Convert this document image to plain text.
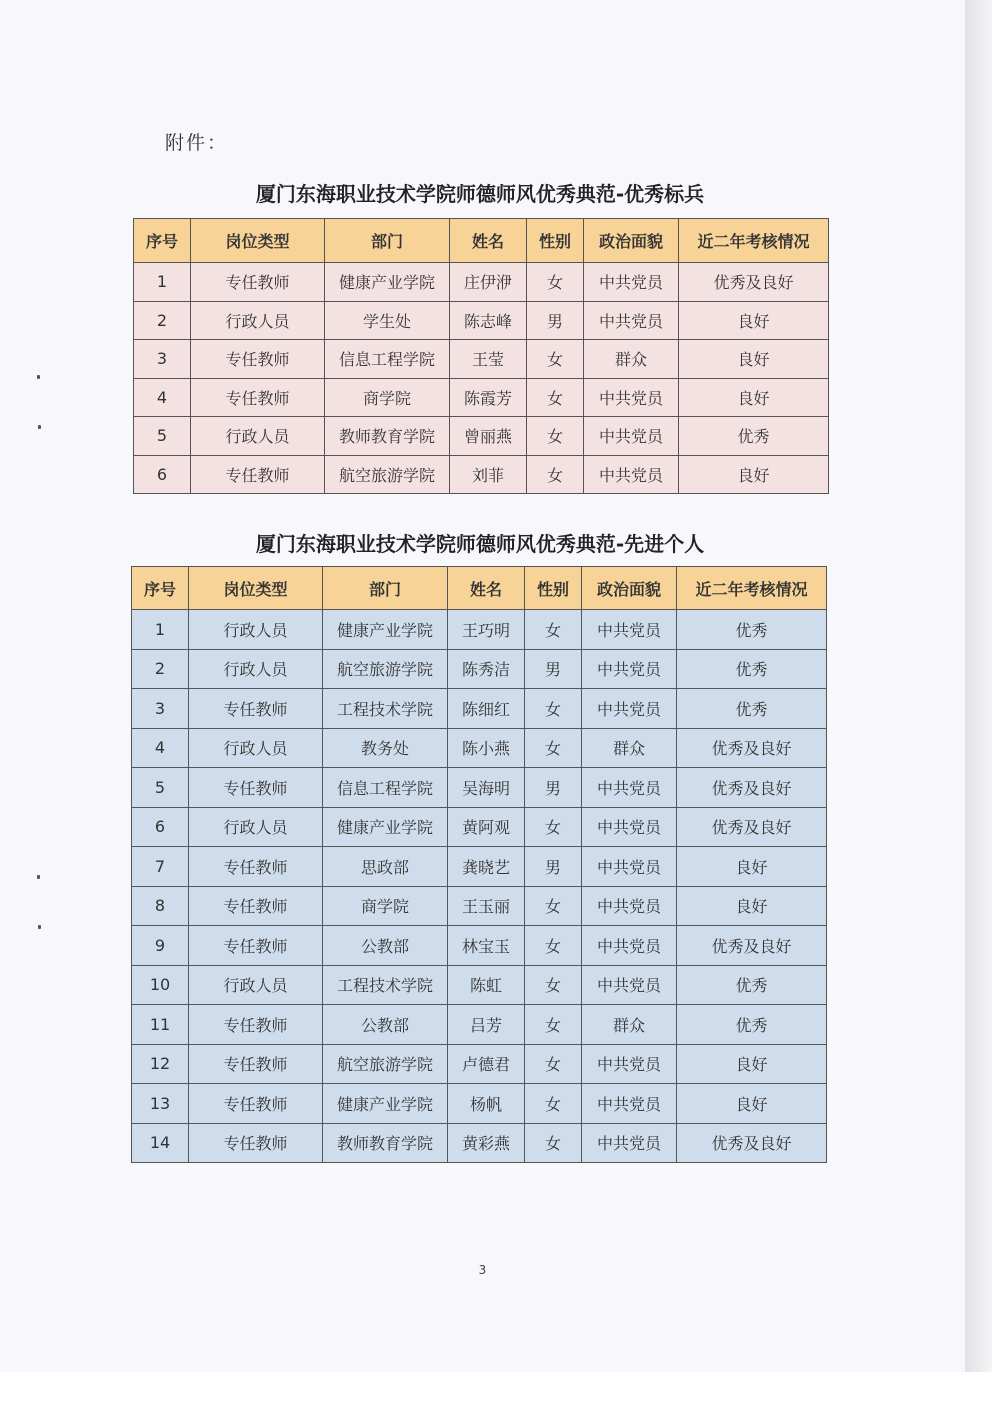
附件：
厦门东海职业技术学院师德师风优秀典范-优秀标兵
序号	岗位类型	部门	姓名	性别	政治面貌	近二年考核情况
1	专任教师	健康产业学院	庄伊洢	女	中共党员	优秀及良好
2	行政人员	学生处	陈志峰	男	中共党员	良好
3	专任教师	信息工程学院	王莹	女	群众	良好
4	专任教师	商学院	陈霞芳	女	中共党员	良好
5	行政人员	教师教育学院	曾丽燕	女	中共党员	优秀
6	专任教师	航空旅游学院	刘菲	女	中共党员	良好
厦门东海职业技术学院师德师风优秀典范-先进个人
序号	岗位类型	部门	姓名	性别	政治面貌	近二年考核情况
1	行政人员	健康产业学院	王巧明	女	中共党员	优秀
2	行政人员	航空旅游学院	陈秀洁	男	中共党员	优秀
3	专任教师	工程技术学院	陈细红	女	中共党员	优秀
4	行政人员	教务处	陈小燕	女	群众	优秀及良好
5	专任教师	信息工程学院	吴海明	男	中共党员	优秀及良好
6	行政人员	健康产业学院	黄阿观	女	中共党员	优秀及良好
7	专任教师	思政部	龚晓艺	男	中共党员	良好
8	专任教师	商学院	王玉丽	女	中共党员	良好
9	专任教师	公教部	林宝玉	女	中共党员	优秀及良好
10	行政人员	工程技术学院	陈虹	女	中共党员	优秀
11	专任教师	公教部	吕芳	女	群众	优秀
12	专任教师	航空旅游学院	卢德君	女	中共党员	良好
13	专任教师	健康产业学院	杨帆	女	中共党员	良好
14	专任教师	教师教育学院	黄彩燕	女	中共党员	优秀及良好
3
